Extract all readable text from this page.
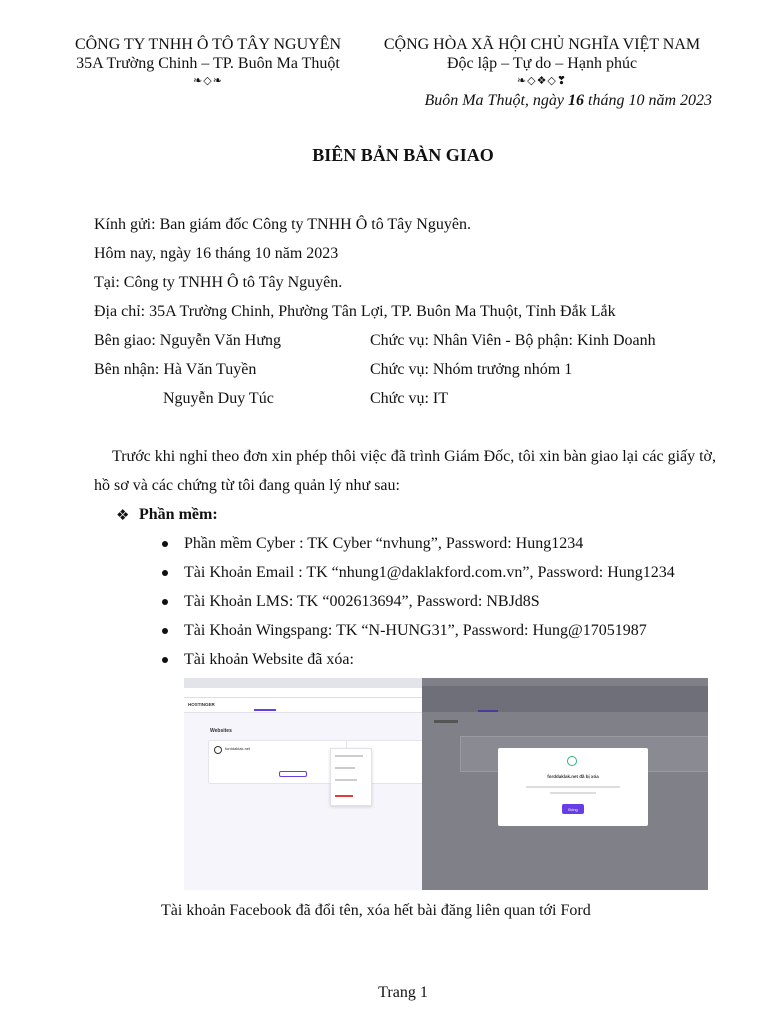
CÔNG TY TNHH Ô TÔ TÂY NGUYÊN
35A Trường Chinh – TP. Buôn Ma Thuột
❧◇❧
CỘNG HÒA XÃ HỘI CHỦ NGHĨA VIỆT NAM
Độc lập – Tự do – Hạnh phúc
❧◇❖◇❣
Buôn Ma Thuột, ngày 16 tháng 10 năm 2023
BIÊN BẢN BÀN GIAO
Kính gửi: Ban giám đốc Công ty TNHH Ô tô Tây Nguyên.
Hôm nay, ngày 16 tháng 10 năm 2023
Tại: Công ty TNHH Ô tô Tây Nguyên.
Địa chỉ: 35A Trường Chinh, Phường Tân Lợi, TP. Buôn Ma Thuột, Tỉnh Đắk Lắk
Bên giao: Nguyễn Văn Hưng	Chức vụ: Nhân Viên - Bộ phận: Kinh Doanh
Bên nhận: Hà Văn Tuyền	Chức vụ: Nhóm trưởng nhóm 1
Nguyễn Duy Túc	Chức vụ: IT
Trước khi nghỉ theo đơn xin phép thôi việc đã trình Giám Đốc, tôi xin bàn giao lại các giấy tờ,
hồ sơ và các chứng từ tôi đang quản lý như sau:
❖ Phần mềm:
Phần mềm Cyber : TK Cyber “nvhung”, Password: Hung1234
Tài Khoản Email : TK “nhung1@daklakford.com.vn”, Password: Hung1234
Tài Khoản LMS: TK “002613694”, Password: NBJd8S
Tài Khoản Wingspang: TK “N-HUNG31”, Password: Hung@17051987
Tài khoản Website đã xóa:
HOSTINGER
Websites
forddaklak.net
forddaklak.net đã bị xóa
Đóng
Tài khoản Facebook đã đổi tên, xóa hết bài đăng liên quan tới Ford
Trang 1
